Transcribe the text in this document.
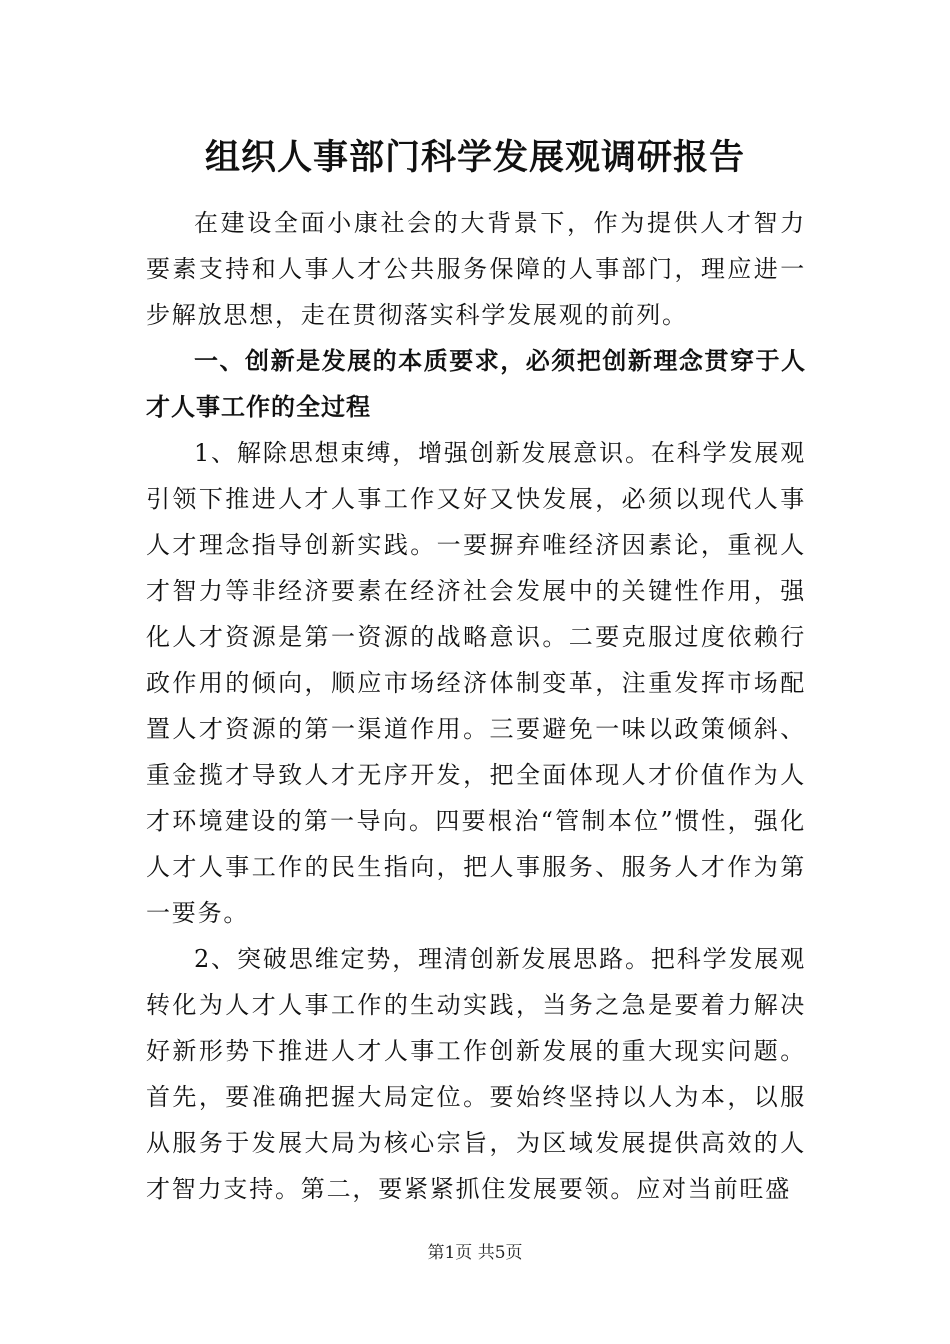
组织人事部门科学发展观调研报告

在建设全面小康社会的大背景下，作为提供人才智力要素支持和人事人才公共服务保障的人事部门，理应进一步解放思想，走在贯彻落实科学发展观的前列。

一、创新是发展的本质要求，必须把创新理念贯穿于人才人事工作的全过程

1、解除思想束缚，增强创新发展意识。在科学发展观引领下推进人才人事工作又好又快发展，必须以现代人事人才理念指导创新实践。一要摒弃唯经济因素论，重视人才智力等非经济要素在经济社会发展中的关键性作用，强化人才资源是第一资源的战略意识。二要克服过度依赖行政作用的倾向，顺应市场经济体制变革，注重发挥市场配置人才资源的第一渠道作用。三要避免一味以政策倾斜、重金揽才导致人才无序开发，把全面体现人才价值作为人才环境建设的第一导向。四要根治“管制本位”惯性，强化人才人事工作的民生指向，把人事服务、服务人才作为第一要务。

2、突破思维定势，理清创新发展思路。把科学发展观转化为人才人事工作的生动实践，当务之急是要着力解决好新形势下推进人才人事工作创新发展的重大现实问题。首先，要准确把握大局定位。要始终坚持以人为本，以服从服务于发展大局为核心宗旨，为区域发展提供高效的人才智力支持。第二，要紧紧抓住发展要领。应对当前旺盛

第1页 共5页
